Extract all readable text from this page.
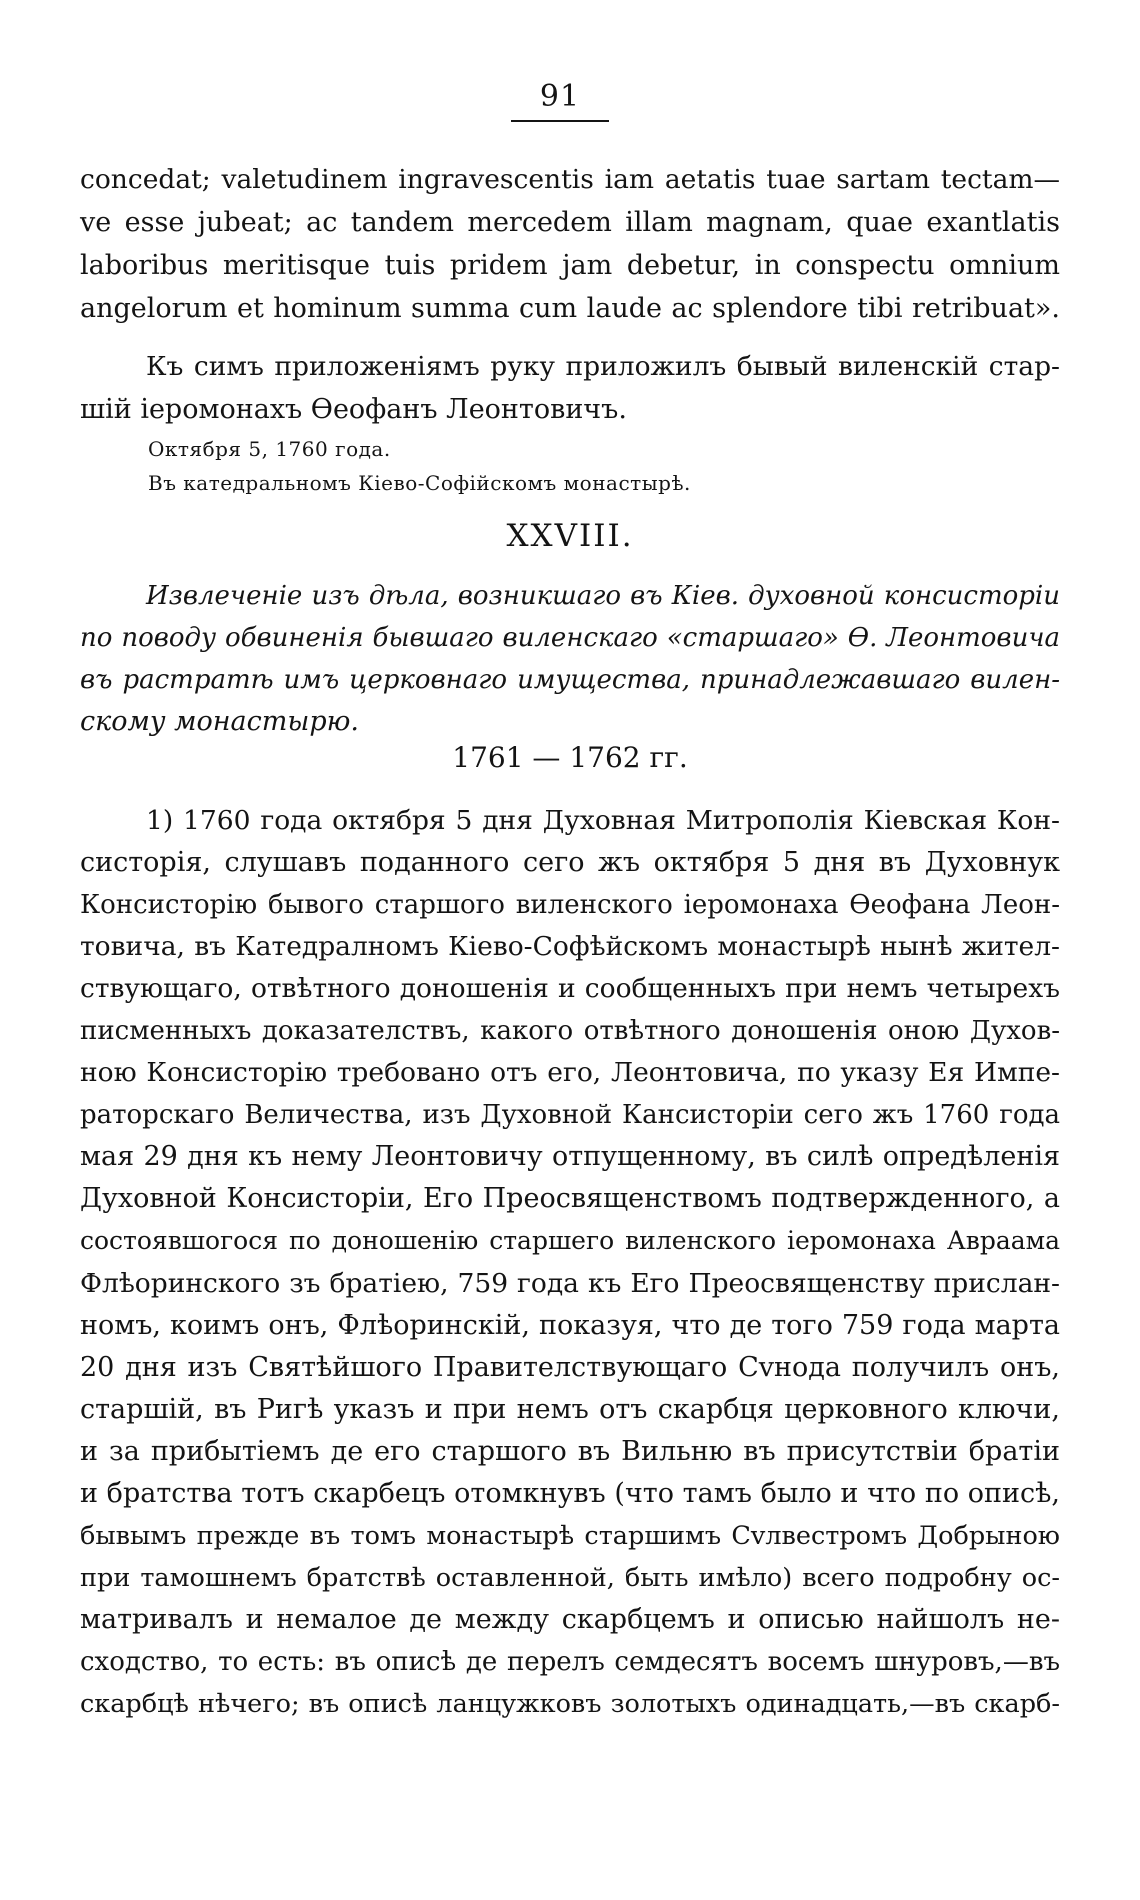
91
concedat; valetudinem ingravescentis iam aetatis tuae sartam tectam—
ve esse jubeat; ac tandem mercedem illam magnam, quae exantlatis
laboribus meritisque tuis pridem jam debetur, in conspectu omnium
angelorum et hominum summa cum laude ac splendore tibi retribuat».
Къ симъ приложеніямъ руку приложилъ бывый виленскій стар-
шій іеромонахъ Ѳеофанъ Леонтовичъ.
Октября 5, 1760 года.
Въ катедральномъ Кіево-Софійскомъ монастырѣ.
XXVIII.
Извлеченіе изъ дѣла, возникшаго въ Кіев. духовной консисторіи
по поводу обвиненія бывшаго виленскаго «старшаго» Ѳ. Леонтовича
въ растратѣ имъ церковнаго имущества, принадлежавшаго вилен-
скому монастырю.
1761 — 1762 гг.
1) 1760 года октября 5 дня Духовная Митрополія Кіевская Кон-
систорія, слушавъ поданного сего жъ октября 5 дня въ Духовнук
Консисторію бывого старшого виленского іеромонаха Ѳеофана Леон-
товича, въ Катедралномъ Кіево-Софѣйскомъ монастырѣ нынѣ жител-
ствующаго, отвѣтного доношенія и сообщенныхъ при немъ четырехъ
писменныхъ доказателствъ, какого отвѣтного доношенія оною Духов-
ною Консисторію требовано отъ его, Леонтовича, по указу Ея Импе-
раторскаго Величества, изъ Духовной Кансисторіи сего жъ 1760 года
мая 29 дня къ нему Леонтовичу отпущенному, въ силѣ опредѣленія
Духовной Консисторіи, Его Преосвященствомъ подтвержденного, а
состоявшогося по доношенію старшего виленского іеромонаха Авраама
Флѣоринского зъ братіею, 759 года къ Его Преосвященству прислан-
номъ, коимъ онъ, Флѣоринскій, показуя, что де того 759 года марта
20 дня изъ Святѣйшого Правителствующаго Сvнода получилъ онъ,
старшій, въ Ригѣ указъ и при немъ отъ скарбця церковного ключи,
и за прибытіемъ де его старшого въ Вильню въ присутствіи братіи
и братства тотъ скарбецъ отомкнувъ (что тамъ было и что по описѣ,
бывымъ прежде въ томъ монастырѣ старшимъ Сvлвестромъ Добрыною
при тамошнемъ братствѣ оставленной, быть имѣло) всего подробну ос-
матривалъ и немалое де между скарбцемъ и описью найшолъ не-
сходство, то есть: въ описѣ де перелъ семдесятъ восемъ шнуровъ,—въ
скарбцѣ нѣчего; въ описѣ ланцужковъ золотыхъ одинадцать,—въ скарб-
